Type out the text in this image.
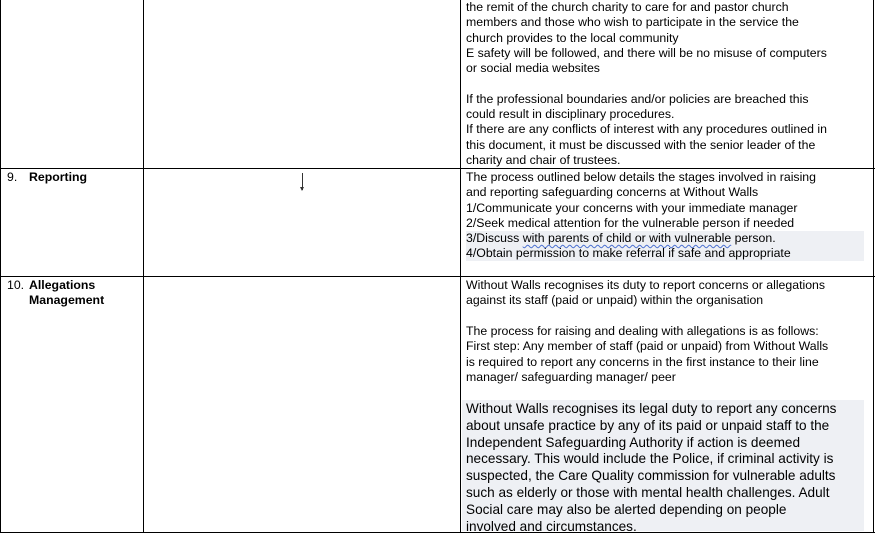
the remit of the church charity to care for and pastor church
members and those who wish to participate in the service the
church provides to the local community
E safety will be followed, and there will be no misuse of computers
or social media websites

If the professional boundaries and/or policies are breached this
could result in disciplinary procedures.
If there are any conflicts of interest with any procedures outlined in
this document, it must be discussed with the senior leader of the
charity and chair of trustees.
9. Reporting	The process outlined below details the stages involved in raising
and reporting safeguarding concerns at Without Walls
1/Communicate your concerns with your immediate manager
2/Seek medical attention for the vulnerable person if needed
3/Discuss with parents of child or with vulnerable person.
4/Obtain permission to make referral if safe and appropriate
10. Allegations
Management
Without Walls recognises its duty to report concerns or allegations
against its staff (paid or unpaid) within the organisation
The process for raising and dealing with allegations is as follows:
First step: Any member of staff (paid or unpaid) from Without Walls
is required to report any concerns in the first instance to their line
manager/ safeguarding manager/ peer
Without Walls recognises its legal duty to report any concerns
about unsafe practice by any of its paid or unpaid staff to the
Independent Safeguarding Authority if action is deemed
necessary. This would include the Police, if criminal activity is
suspected, the Care Quality commission for vulnerable adults
such as elderly or those with mental health challenges. Adult
Social care may also be alerted depending on people
involved and circumstances.
